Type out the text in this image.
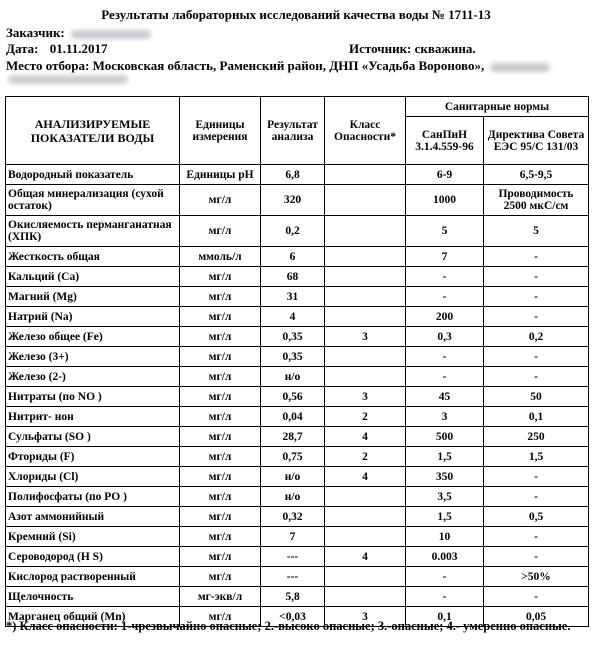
Результаты лабораторных исследований качества воды № 1711-13
Заказчик:
Дата: 01.11.2017	Источник: скважина.
Место отбора: Московская область, Раменский район, ДНП «Усадьба Вороново»,
АНАЛИЗИРУЕМЫЕ ПОКАЗАТЕЛИ ВОДЫ	Единицы измерения	Результат анализа	Класс Опасности*	Санитарные нормы	
				СанПиН 3.1.4.559-96	Директива Совета ЕЭС 95/С 131/03
Водородный показатель	Единицы рН	6,8		6-9	6,5-9,5
Общая минерализация (сухой остаток)	мг/л	320		1000	Проводимость 2500 мкС/см
Окисляемость перманганатная (ХПК)	мг/л	0,2		5	5
Жесткость общая	ммоль/л	6		7	-
Кальций (Ca)	мг/л	68		-	-
Магний (Mg)	мг/л	31		-	-
Натрий (Na)	мг/л	4		200	-
Железо общее (Fe)	мг/л	0,35	3	0,3	0,2
Железо (3+)	мг/л	0,35		-	-
Железо (2-)	мг/л	н/о		-	-
Нитраты (по NO )	мг/л	0,56	3	45	50
Нитрит- нон	мг/л	0,04	2	3	0,1
Сульфаты (SO )	мг/л	28,7	4	500	250
Фториды (F)	мг/л	0,75	2	1,5	1,5
Хлориды (Cl)	мг/л	н/о	4	350	-
Полифосфаты (по PO )	мг/л	н/о		3,5	-
Азот аммонийный	мг/л	0,32		1,5	0,5
Кремний (Si)	мг/л	7		10	-
Сероводород (H S)	мг/л	---	4	0.003	-
Кислород растворенный	мг/л	---		-	>50%
Щелочность	мг-экв/л	5,8		-	-
Марганец общий (Mn)	мг/л	<0,03	3	0,1	0,05
*) Класс опасности: 1-чрезвычайно опасные; 2.-высоко опасные; 3.-опасные; 4.- умеренно опасные.
